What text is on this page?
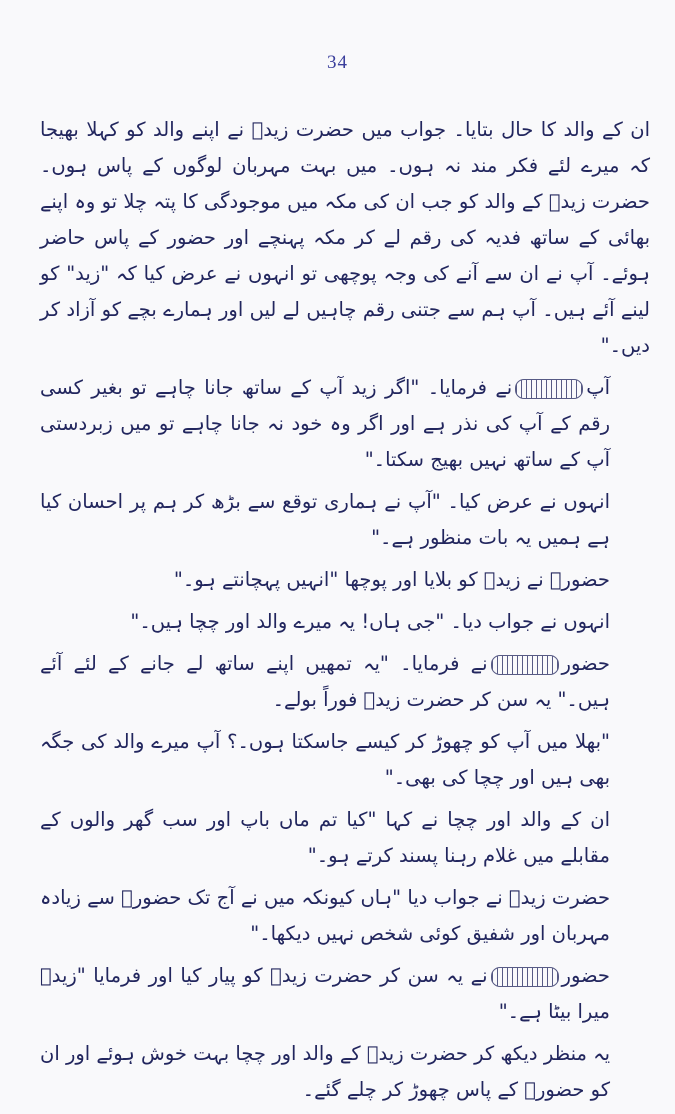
34

ان کے والد کا حال بتایا۔ جواب میں حضرت زیدؓ نے اپنے والد کو کہلا بھیجا کہ میرے لئے فکر مند نہ ہوں۔ میں بہت مہربان لوگوں کے پاس ہوں۔ حضرت زیدؓ کے والد کو جب ان کی مکہ میں موجودگی کا پتہ چلا تو وہ اپنے بھائی کے ساتھ فدیہ کی رقم لے کر مکہ پہنچے اور حضور کے پاس حاضر ہوئے۔ آپ نے ان سے آنے کی وجہ پوچھی تو انہوں نے عرض کیا کہ "زید" کو لینے آئے ہیں۔ آپ ہم سے جتنی رقم چاہیں لے لیں اور ہمارے بچے کو آزاد کر دیں۔"

آپنے فرمایا۔ "اگر زید آپ کے ساتھ جانا چاہے تو بغیر کسی رقم کے آپ کی نذر ہے اور اگر وہ خود نہ جانا چاہے تو میں زبردستی آپ کے ساتھ نہیں بھیج سکتا۔"

انہوں نے عرض کیا۔ "آپ نے ہماری توقع سے بڑھ کر ہم پر احسان کیا ہے ہمیں یہ بات منظور ہے۔"

حضورؐ نے زیدؓ کو بلایا اور پوچھا "انہیں پہچانتے ہو۔"

انہوں نے جواب دیا۔ "جی ہاں! یہ میرے والد اور چچا ہیں۔"

حضورنے فرمایا۔ "یہ تمھیں اپنے ساتھ لے جانے کے لئے آئے ہیں۔" یہ سن کر حضرت زیدؓ فوراً بولے۔

"بھلا میں آپ کو چھوڑ کر کیسے جاسکتا ہوں۔؟ آپ میرے والد کی جگہ بھی ہیں اور چچا کی بھی۔"

ان کے والد اور چچا نے کہا "کیا تم ماں باپ اور سب گھر والوں کے مقابلے میں غلام رہنا پسند کرتے ہو۔"

حضرت زیدؓ نے جواب دیا "ہاں کیونکہ میں نے آج تک حضورؐ سے زیادہ مہربان اور شفیق کوئی شخص نہیں دیکھا۔"

حضورنے یہ سن کر حضرت زیدؓ کو پیار کیا اور فرمایا "زیدؓ میرا بیٹا ہے۔"

یہ منظر دیکھ کر حضرت زیدؓ کے والد اور چچا بہت خوش ہوئے اور ان کو حضورؐ کے پاس چھوڑ کر چلے گئے۔
